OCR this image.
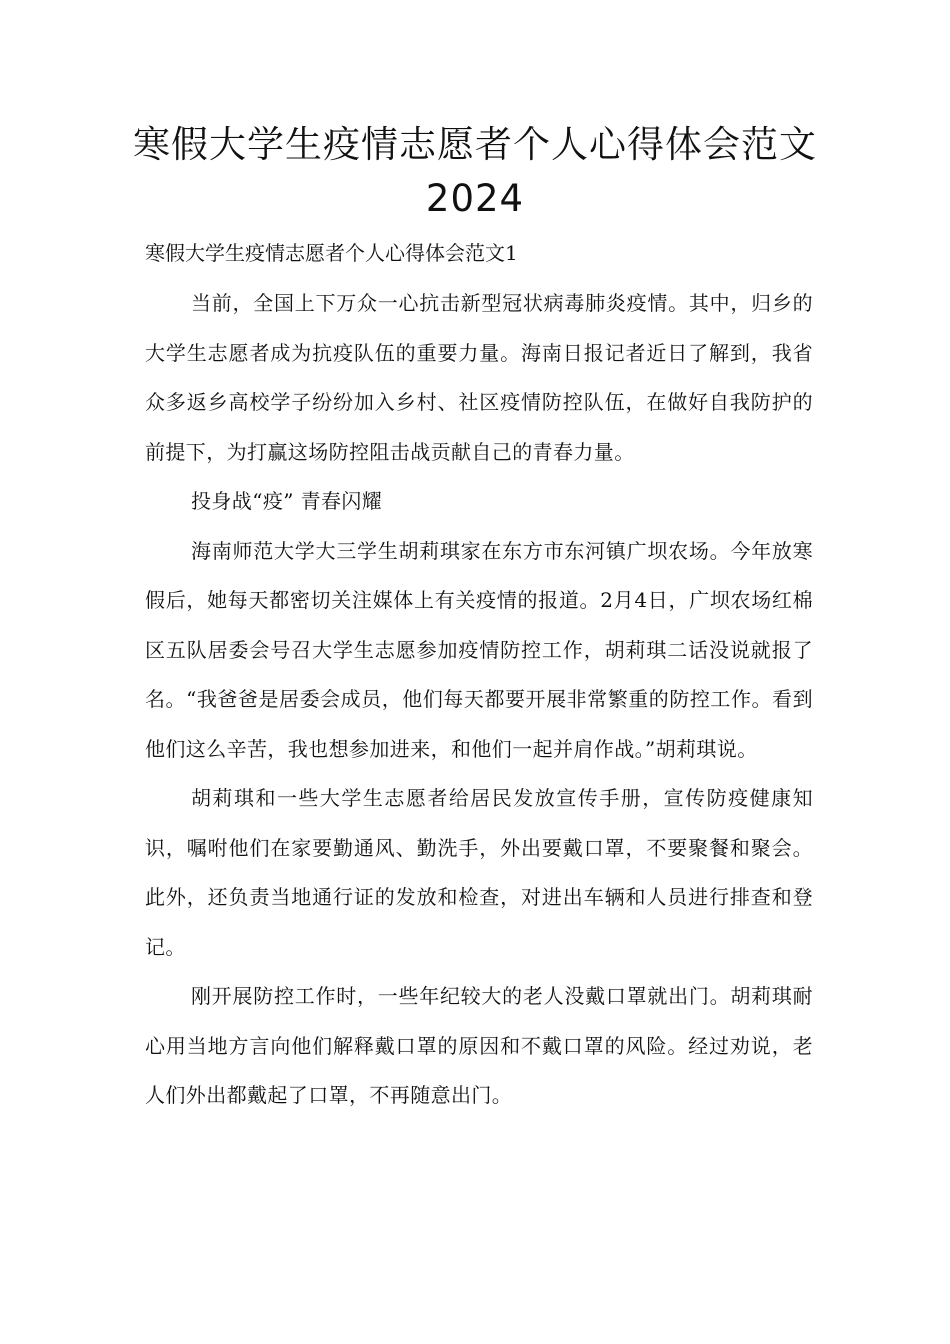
寒假大学生疫情志愿者个人心得体会范文2024

寒假大学生疫情志愿者个人心得体会范文1

当前，全国上下万众一心抗击新型冠状病毒肺炎疫情。其中，归乡的大学生志愿者成为抗疫队伍的重要力量。海南日报记者近日了解到，我省众多返乡高校学子纷纷加入乡村、社区疫情防控队伍，在做好自我防护的前提下，为打赢这场防控阻击战贡献自己的青春力量。

投身战“疫” 青春闪耀

海南师范大学大三学生胡莉琪家在东方市东河镇广坝农场。今年放寒假后，她每天都密切关注媒体上有关疫情的报道。2月4日，广坝农场红棉区五队居委会号召大学生志愿参加疫情防控工作，胡莉琪二话没说就报了名。“我爸爸是居委会成员，他们每天都要开展非常繁重的防控工作。看到他们这么辛苦，我也想参加进来，和他们一起并肩作战。”胡莉琪说。

胡莉琪和一些大学生志愿者给居民发放宣传手册，宣传防疫健康知识，嘱咐他们在家要勤通风、勤洗手，外出要戴口罩，不要聚餐和聚会。此外，还负责当地通行证的发放和检查，对进出车辆和人员进行排查和登记。

刚开展防控工作时，一些年纪较大的老人没戴口罩就出门。胡莉琪耐心用当地方言向他们解释戴口罩的原因和不戴口罩的风险。经过劝说，老人们外出都戴起了口罩，不再随意出门。
